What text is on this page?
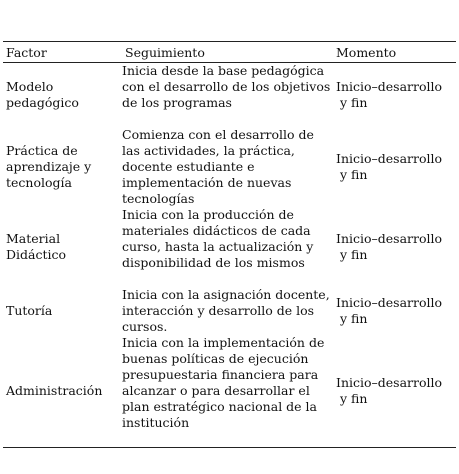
Factor	Seguimiento	Momento
Modelo pedagógico	Inicia desde la base pedagógica con el desarrollo de los objetivos de los programas	Inicio–desarrollo
y fin

Práctica de aprendizaje y tecnología	Comienza con el desarrollo de las actividades, la práctica, docente estudiante e implementación de nuevas tecnologías	Inicio–desarrollo
y fin

Material Didáctico	Inicia con la producción de materiales didácticos de cada curso, hasta la actualización y disponibilidad de los mismos	Inicio–desarrollo
y fin

Tutoría	Inicia con la asignación docente, interacción y desarrollo de los cursos.	Inicio–desarrollo
y fin

Administración	Inicia con la implementación de buenas políticas de ejecución presupuestaria financiera para alcanzar o para desarrollar el plan estratégico nacional de la institución	Inicio–desarrollo
y fin
